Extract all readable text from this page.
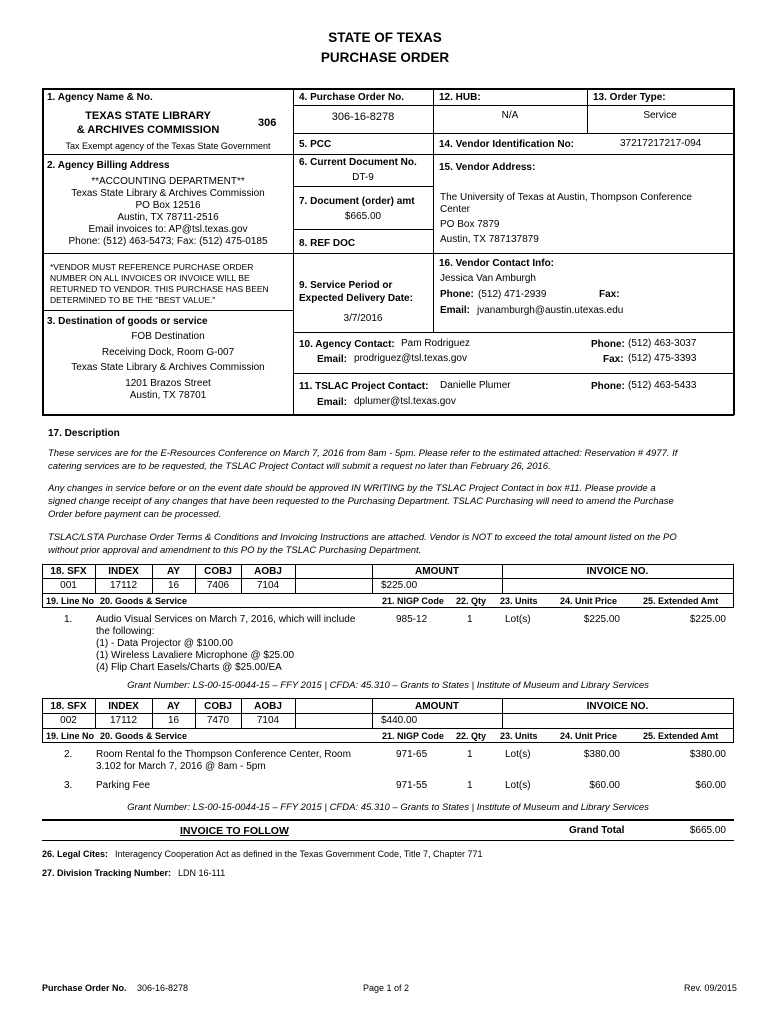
STATE OF TEXAS
PURCHASE ORDER
1. Agency Name & No.
TEXAS STATE LIBRARY
& ARCHIVES COMMISSION
306
Tax Exempt agency of the Texas State Government
2. Agency Billing Address
**ACCOUNTING DEPARTMENT**
Texas State Library & Archives Commission
PO Box 12516
Austin, TX 78711-2516
Email invoices to: AP@tsl.texas.gov
Phone: (512) 463-5473; Fax: (512) 475-0185
*VENDOR MUST REFERENCE PURCHASE ORDER
NUMBER ON ALL INVOICES OR INVOICE WILL BE
RETURNED TO VENDOR. THIS PURCHASE HAS BEEN
DETERMINED TO BE THE "BEST VALUE."
3. Destination of goods or service
FOB Destination
Receiving Dock, Room G-007
Texas State Library & Archives Commission
1201 Brazos Street
Austin, TX 78701
4. Purchase Order No.
306-16-8278
5. PCC
6. Current Document No.
DT-9
7. Document (order) amt
$665.00
8. REF DOC
9. Service Period or
Expected Delivery Date:
3/7/2016
12. HUB:
N/A
13. Order Type:
Service
14. Vendor Identification No:	37217217217-094
15. Vendor Address:
The University of Texas at Austin, Thompson Conference
Center
PO Box 7879
Austin, TX 787137879
16. Vendor Contact Info:
Jessica Van Amburgh
Phone: (512) 471-2939	Fax:
Email: jvanamburgh@austin.utexas.edu
10. Agency Contact: Pam Rodriguez
Email: prodriguez@tsl.texas.gov
Phone: (512) 463-3037
Fax: (512) 475-3393
11. TSLAC Project Contact: Danielle Plumer
Email: dplumer@tsl.texas.gov
Phone: (512) 463-5433
17. Description
These services are for the E-Resources Conference on March 7, 2016 from 8am - 5pm. Please refer to the estimated attached: Reservation # 4977. If
catering services are to be requested, the TSLAC Project Contact will submit a request no later than February 26, 2016.
Any changes in service before or on the event date should be approved IN WRITING by the TSLAC Project Contact in box #11. Please provide a
signed change receipt of any changes that have been requested to the Purchasing Department. TSLAC Purchasing will need to amend the Purchase
Order before payment can be processed.
TSLAC/LSTA Purchase Order Terms & Conditions and Invoicing Instructions are attached. Vendor is NOT to exceed the total amount listed on the PO
without prior approval and amendment to this PO by the TSLAC Purchasing Department.
18. SFX	INDEX	AY	COBJ	AOBJ	AMOUNT	INVOICE NO.
001	17112	16	7406	7104	$225.00
19. Line No 20. Goods & Service	21. NIGP Code 22. Qty 23. Units 24. Unit Price	25. Extended Amt
1. Audio Visual Services on March 7, 2016, which will include
the following:
(1) - Data Projector @ $100.00
(1) Wireless Lavaliere Microphone @ $25.00
(4) Flip Chart Easels/Charts @ $25.00/EA
985-12	1	Lot(s)	$225.00	$225.00
Grant Number: LS-00-15-0044-15 – FFY 2015 | CFDA: 45.310 – Grants to States | Institute of Museum and Library Services
18. SFX	INDEX	AY	COBJ	AOBJ	AMOUNT	INVOICE NO.
002	17112	16	7470	7104	$440.00
19. Line No 20. Goods & Service	21. NIGP Code 22. Qty 23. Units 24. Unit Price	25. Extended Amt
2. Room Rental fo the Thompson Conference Center, Room
3.102 for March 7, 2016 @ 8am - 5pm
971-65	1	Lot(s)	$380.00	$380.00
3. Parking Fee	971-55	1	Lot(s)	$60.00	$60.00
Grant Number: LS-00-15-0044-15 – FFY 2015 | CFDA: 45.310 – Grants to States | Institute of Museum and Library Services
INVOICE TO FOLLOW	Grand Total	$665.00
26. Legal Cites: Interagency Cooperation Act as defined in the Texas Government Code, Title 7, Chapter 771
27. Division Tracking Number: LDN 16-111
Purchase Order No. 306-16-8278	Page 1 of 2	Rev. 09/2015
